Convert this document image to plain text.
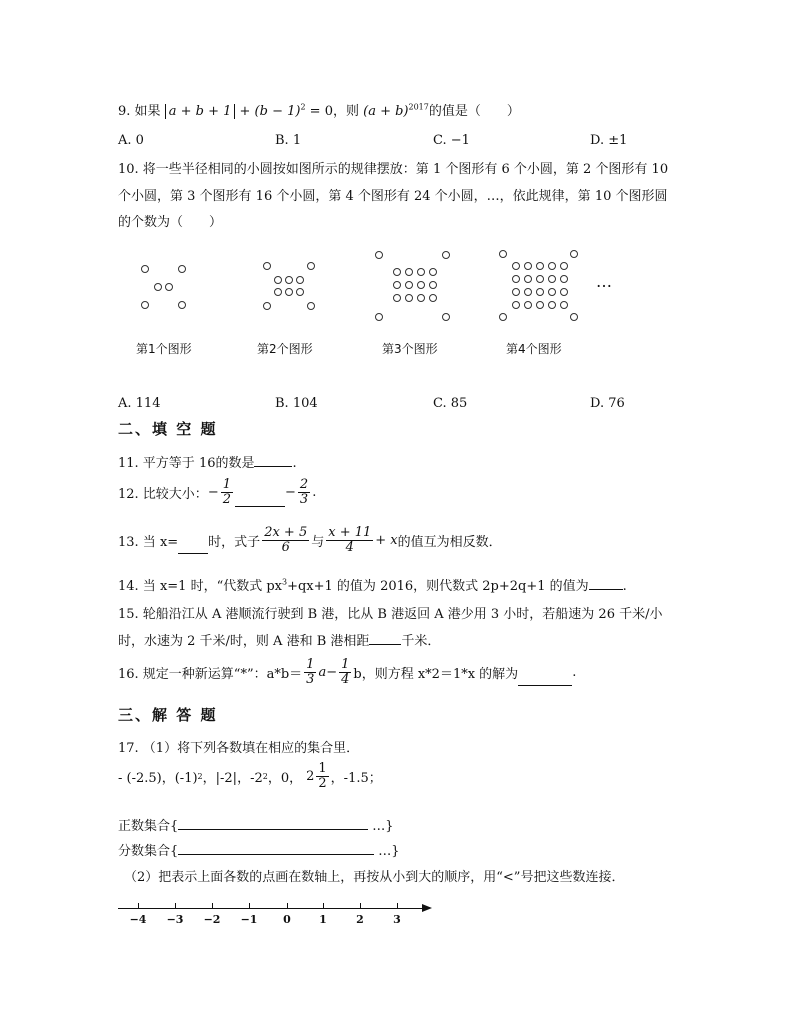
9. 如果 $a + b + 1 + (b - 1)^2 = 0$，则 $(a + b)^{2017}$的值是（　　）
A. 0	B. 1	C. −1	D. ±1
10. 将一些半径相同的小圆按如图所示的规律摆放：第 1 个图形有 6 个小圆，第 2 个图形有 10
个小圆，第 3 个图形有 16 个小圆，第 4 个图形有 24 个小圆，…，依此规律，第 10 个图形圆
的个数为（　　）
…
第1个图形	第2个图形	第3个图形	第4个图形
A. 114	B. 104	C. 85	D. 76
二、填 空 题
11. 平方等于 16的数是	.
12. 比较大小： − $\frac{1}{2}$	− $\frac{2}{3}$ .
13. 当 x= 时，式子 $\frac{2x + 5}{6}$ 与 $\frac{x + 11}{4} + x$ 的值互为相反数．
14. 当 x=1 时，“代数式 $px^3+qx+1$ 的值为 2016，则代数式 2p+2q+1 的值为	.
15. 轮船沿江从 A 港顺流行驶到 B 港，比从 B 港返回 A 港少用 3 小时，若船速为 26 千米/小
时，水速为 2 千米/时，则 A 港和 B 港相距 千米．
16. 规定一种新运算“*”：$a*b= \frac{1}{3} a- \frac{1}{4}$ b，则方程 x*2＝1*x 的解为	.
三、解 答 题
17. （1）将下列各数填在相应的集合里．
- (-2.5)，(-1) 2 ，|-2|，-2 2 ，0， $2 \frac{1}{2}$ ，-1.5；
正数集合{	…}
分数集合{	…}
（2）把表示上面各数的点画在数轴上，再按从小到大的顺序，用“<”号把这些数连接．
−4 −3 −2 −1	0	1	2	3
